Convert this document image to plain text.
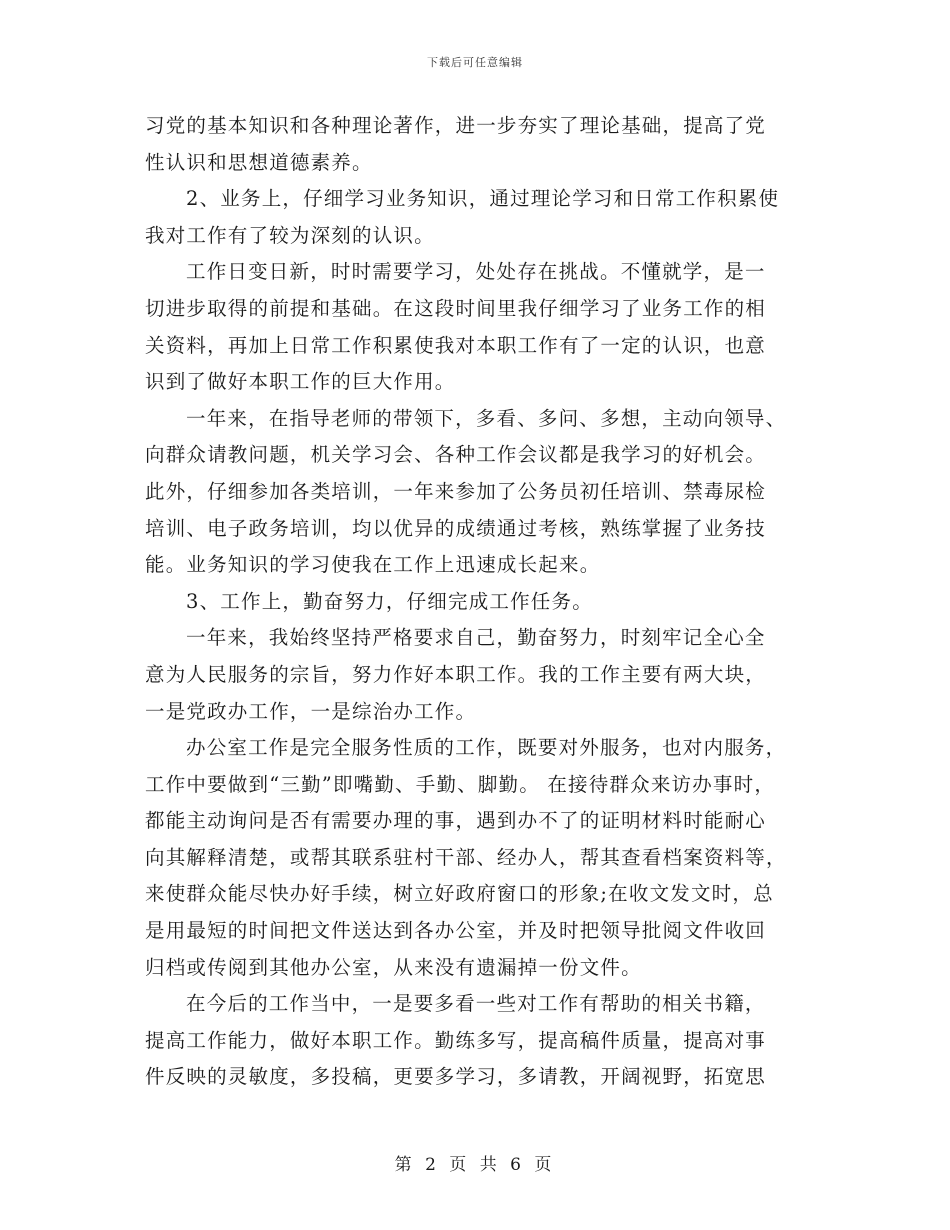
下载后可任意编辑
习党的基本知识和各种理论著作，进一步夯实了理论基础，提高了党
性认识和思想道德素养。
2、业务上，仔细学习业务知识，通过理论学习和日常工作积累使
我对工作有了较为深刻的认识。
工作日变日新，时时需要学习，处处存在挑战。不懂就学，是一
切进步取得的前提和基础。在这段时间里我仔细学习了业务工作的相
关资料，再加上日常工作积累使我对本职工作有了一定的认识，也意
识到了做好本职工作的巨大作用。
一年来，在指导老师的带领下，多看、多问、多想，主动向领导、
向群众请教问题，机关学习会、各种工作会议都是我学习的好机会。
此外，仔细参加各类培训，一年来参加了公务员初任培训、禁毒尿检
培训、电子政务培训，均以优异的成绩通过考核，熟练掌握了业务技
能。业务知识的学习使我在工作上迅速成长起来。
3、工作上，勤奋努力，仔细完成工作任务。
一年来，我始终坚持严格要求自己，勤奋努力，时刻牢记全心全
意为人民服务的宗旨，努力作好本职工作。我的工作主要有两大块，
一是党政办工作，一是综治办工作。
办公室工作是完全服务性质的工作，既要对外服务，也对内服务，
工作中要做到“三勤”即嘴勤、手勤、脚勤。 在接待群众来访办事时，
都能主动询问是否有需要办理的事，遇到办不了的证明材料时能耐心
向其解释清楚，或帮其联系驻村干部、经办人，帮其查看档案资料等，
来使群众能尽快办好手续，树立好政府窗口的形象;在收文发文时，总
是用最短的时间把文件送达到各办公室，并及时把领导批阅文件收回
归档或传阅到其他办公室，从来没有遗漏掉一份文件。
在今后的工作当中，一是要多看一些对工作有帮助的相关书籍，
提高工作能力，做好本职工作。勤练多写，提高稿件质量，提高对事
件反映的灵敏度，多投稿，更要多学习，多请教，开阔视野，拓宽思
第 2 页 共 6 页
